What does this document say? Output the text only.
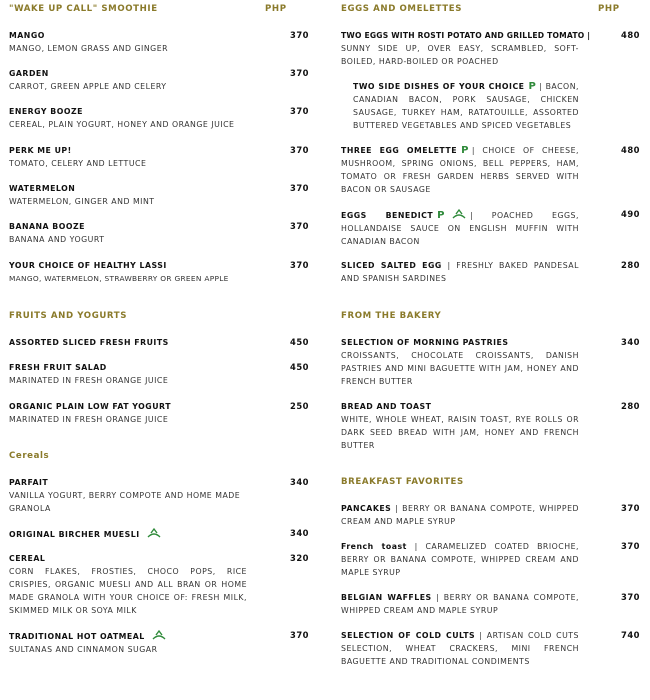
"WAKE UP CALL" SMOOTHIE	PHP
MANGO
MANGO, LEMON GRASS AND GINGER
370
GARDEN
CARROT, GREEN APPLE AND CELERY
370
ENERGY BOOZE
CEREAL, PLAIN YOGURT, HONEY AND ORANGE JUICE
370
PERK ME UP!
TOMATO, CELERY AND LETTUCE
370
WATERMELON
WATERMELON, GINGER AND MINT
370
BANANA BOOZE
BANANA AND YOGURT
370
YOUR CHOICE OF HEALTHY LASSI
MANGO, WATERMELON, STRAWBERRY OR GREEN APPLE
370
FRUITS AND YOGURTS
ASSORTED SLICED FRESH FRUITS	450
FRESH FRUIT SALAD
MARINATED IN FRESH ORANGE JUICE
450
ORGANIC PLAIN LOW FAT YOGURT
MARINATED IN FRESH ORANGE JUICE
250
Cereals
PARFAIT
VANILLA YOGURT, BERRY COMPOTE AND HOME MADE GRANOLA
340
ORIGINAL BIRCHER MUESLI	340
CEREAL
CORN FLAKES, FROSTIES, CHOCO POPS, RICE CRISPIES, ORGANIC MUESLI AND ALL BRAN OR HOME MADE GRANOLA WITH YOUR CHOICE OF: FRESH MILK, SKIMMED MILK OR SOYA MILK
320
TRADITIONAL HOT OATMEAL
SULTANAS AND CINNAMON SUGAR
370
EGGS AND OMELETTES	PHP
TWO EGGS WITH ROSTI POTATO AND GRILLED TOMATO |
SUNNY SIDE UP, OVER EASY, SCRAMBLED, SOFT-BOILED, HARD-BOILED OR POACHED
480
TWO SIDE DISHES OF YOUR CHOICE P | BACON, CANADIAN BACON, PORK SAUSAGE, CHICKEN SAUSAGE, TURKEY HAM, RATATOUILLE, ASSORTED BUTTERED VEGETABLES AND SPICED VEGETABLES
THREE EGG OMELETTE P | CHOICE OF CHEESE, MUSHROOM, SPRING ONIONS, BELL PEPPERS, HAM, TOMATO OR FRESH GARDEN HERBS SERVED WITH BACON OR SAUSAGE
480
EGGS BENEDICT P	| POACHED EGGS, HOLLANDAISE SAUCE ON ENGLISH MUFFIN WITH CANADIAN BACON
490
SLICED SALTED EGG | FRESHLY BAKED PANDESAL AND SPANISH SARDINES
280
FROM THE BAKERY
SELECTION OF MORNING PASTRIES
CROISSANTS, CHOCOLATE CROISSANTS, DANISH PASTRIES AND MINI BAGUETTE WITH JAM, HONEY AND FRENCH BUTTER
340
BREAD AND TOAST
WHITE, WHOLE WHEAT, RAISIN TOAST, RYE ROLLS OR DARK SEED BREAD WITH JAM, HONEY AND FRENCH BUTTER
280
BREAKFAST FAVORITES
PANCAKES | BERRY OR BANANA COMPOTE, WHIPPED CREAM AND MAPLE SYRUP
370
French toast | CARAMELIZED COATED BRIOCHE, BERRY OR BANANA COMPOTE, WHIPPED CREAM AND MAPLE SYRUP
370
BELGIAN WAFFLES | BERRY OR BANANA COMPOTE, WHIPPED CREAM AND MAPLE SYRUP
370
SELECTION OF COLD CULTS | ARTISAN COLD CUTS SELECTION, WHEAT CRACKERS, MINI FRENCH BAGUETTE AND TRADITIONAL CONDIMENTS
740
